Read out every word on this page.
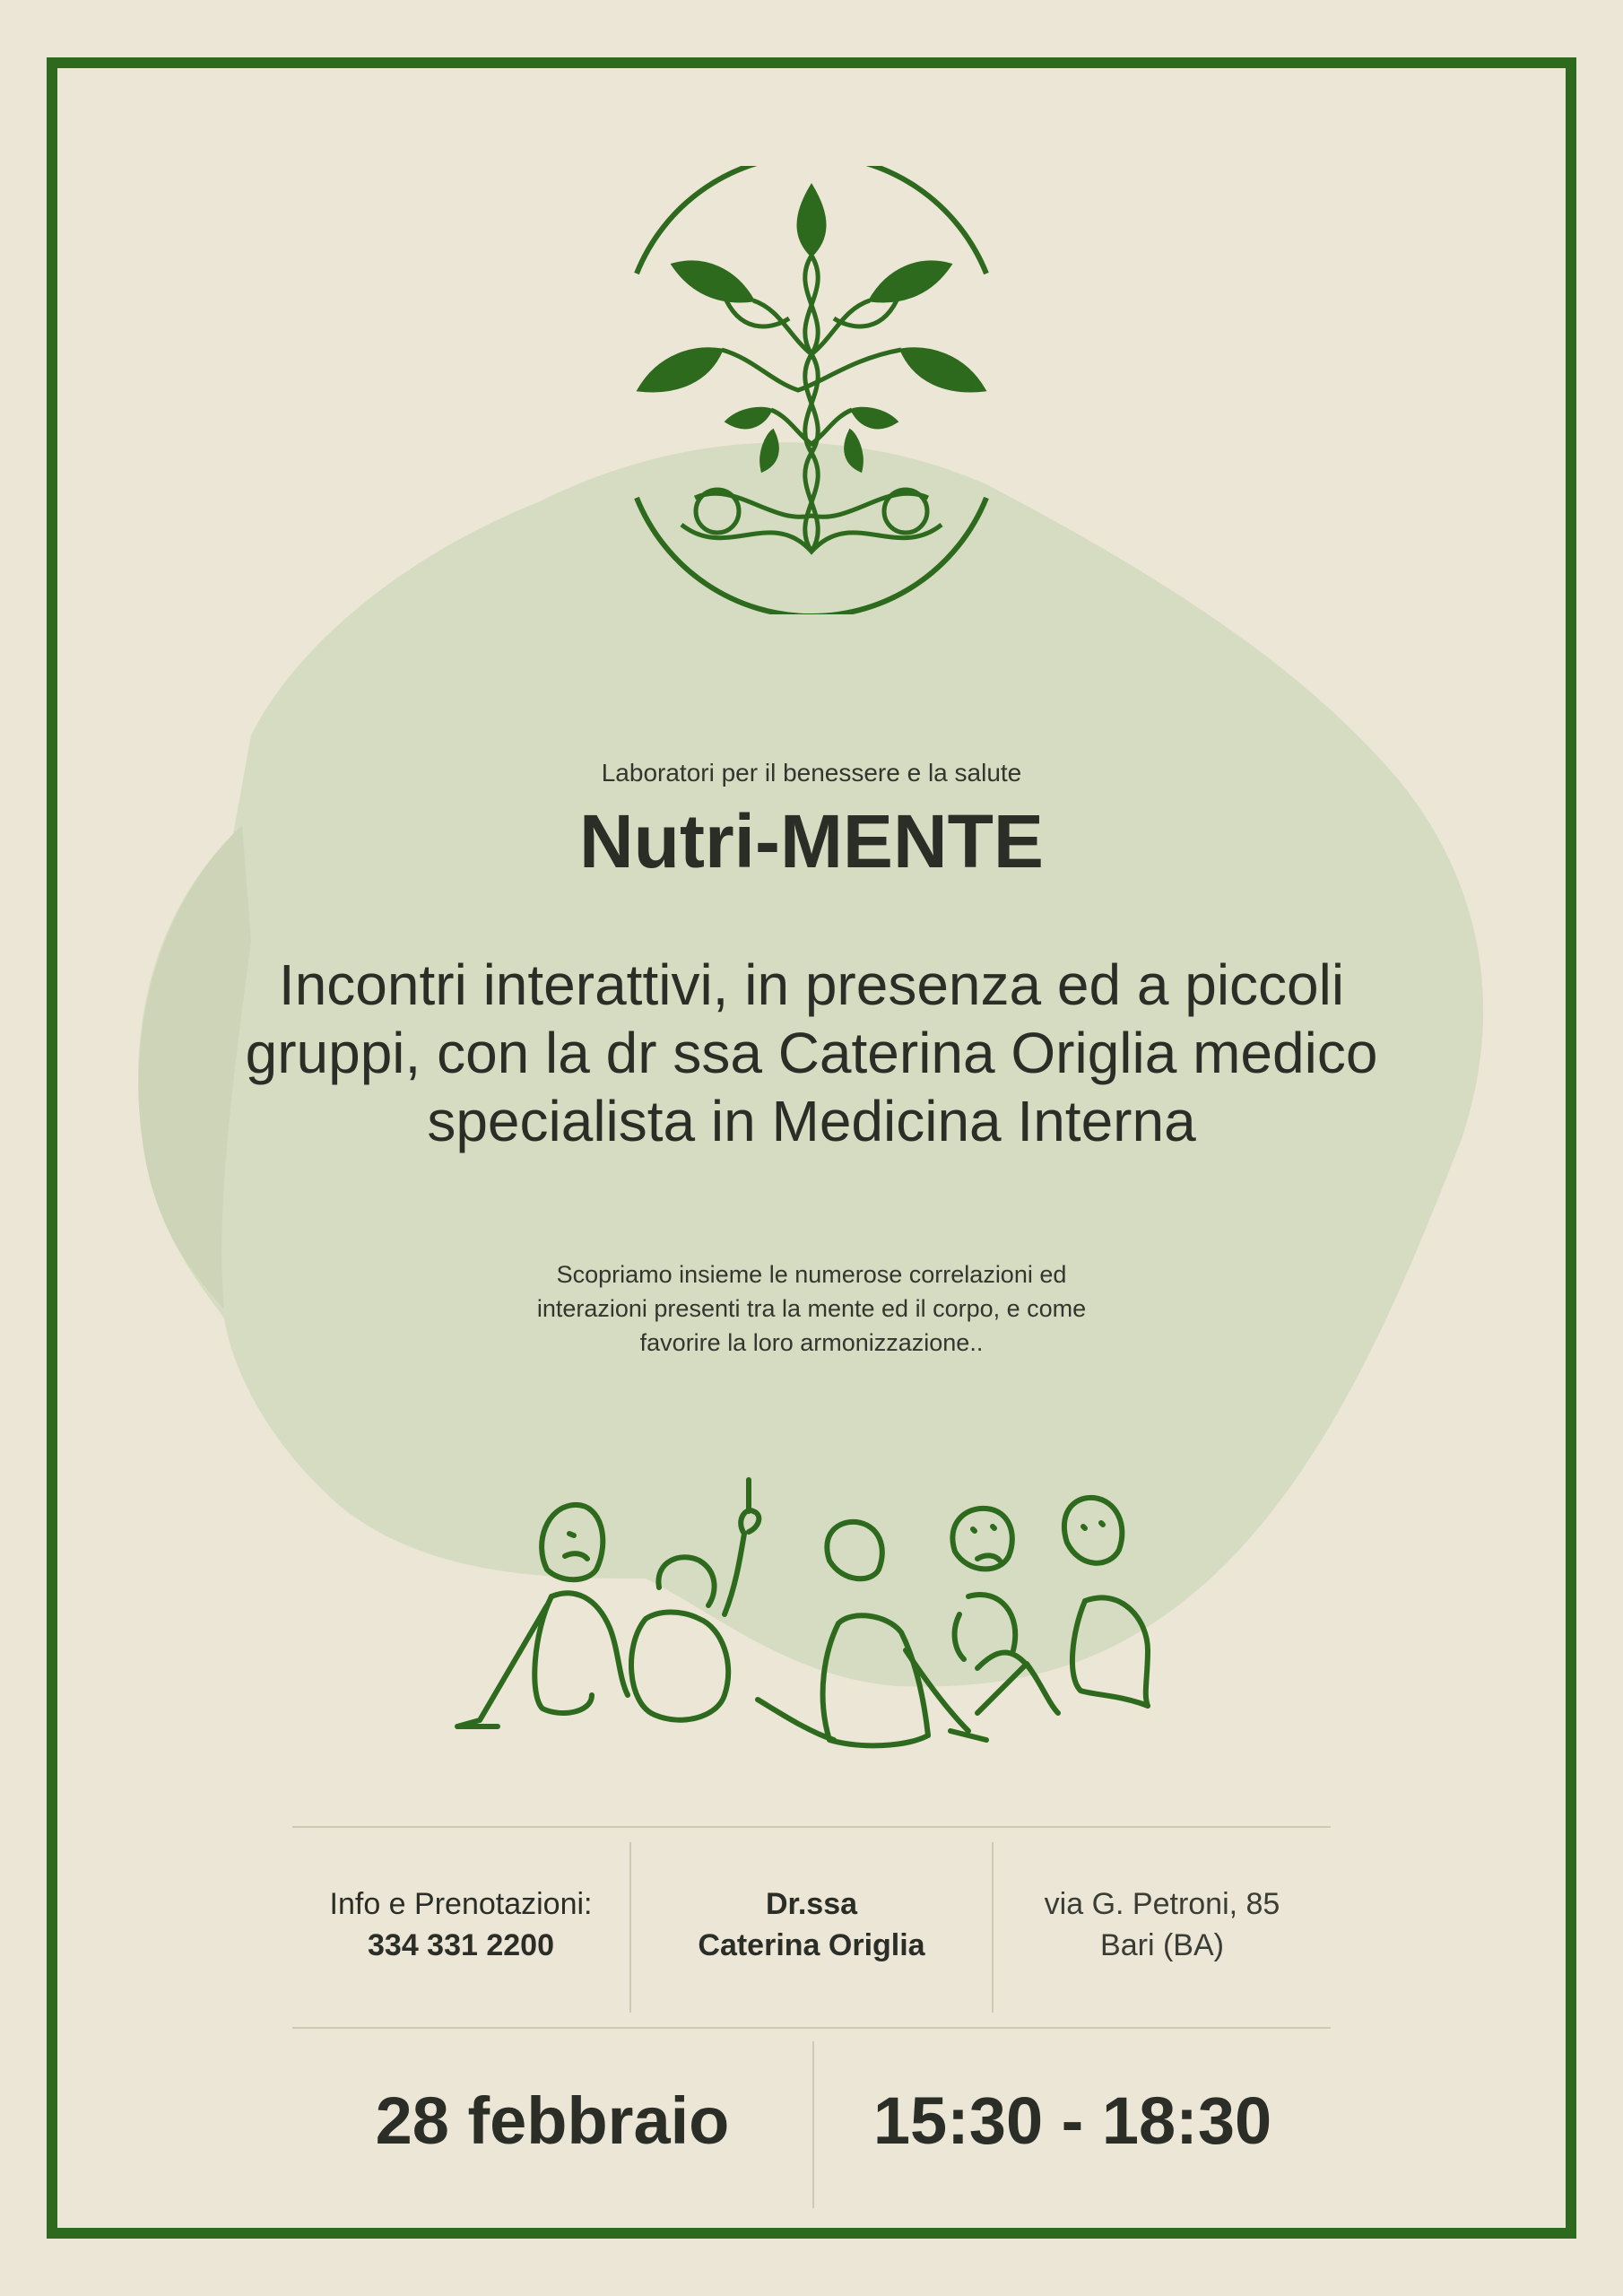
Laboratori per il benessere e la salute
Nutri-MENTE
Incontri interattivi, in presenza ed a piccoli
gruppi, con la dr ssa Caterina Origlia medico
specialista in Medicina Interna
Scopriamo insieme le numerose correlazioni ed
interazioni presenti tra la mente ed il corpo, e come
favorire la loro armonizzazione..
Info e Prenotazioni:
334 331 2200
Dr.ssa
Caterina Origlia
via G. Petroni, 85
Bari (BA)
28 febbraio	15:30 - 18:30
